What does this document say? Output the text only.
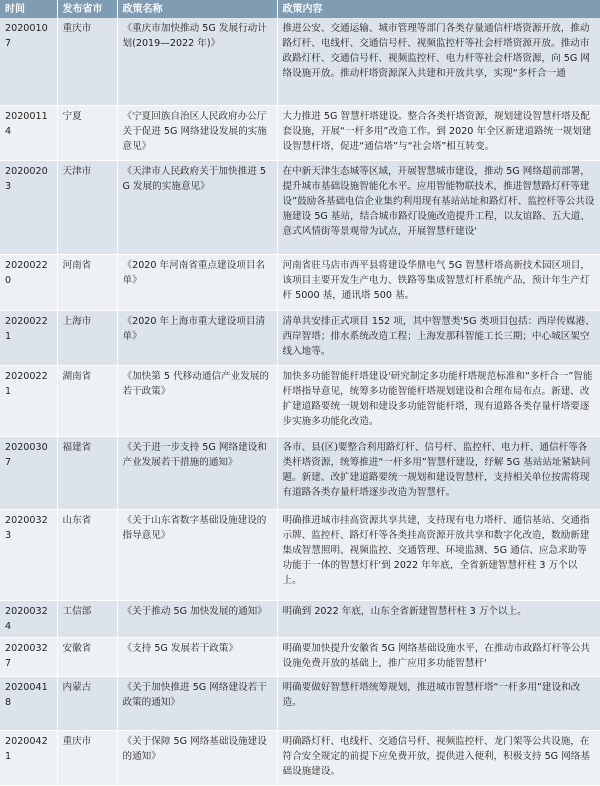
时间	发布省市	政策名称	政策内容
20200107	重庆市	《重庆市加快推动 5G 发展行动计划(2019—2022 年)》	推进公安、交通运输、城市管理等部门各类存量通信杆塔资源开放，推动路灯杆、电线杆、交通信号杆、视频监控杆等社会杆塔资源开放。推动市政路灯杆、交通信号杆、视频监控杆、电力杆等社会杆塔资源，向 5G 网络设施开放。推动杆塔资源深入共建和开放共享，实现“多杆合一通
20200114	宁夏	《宁夏回族自治区人民政府办公厅关于促进 5G 网络建设发展的实施意见》	大力推进 5G 智慧杆塔建设。整合各类杆塔资源，规划建设智慧杆塔及配套设施，开展“一杆多用”改造工作。到 2020 年全区新建道路统一规划建设智慧杆塔，促进“通信塔”与“社会塔”相互转变。
20200203	天津市	《天津市人民政府关于加快推进 5G 发展的实施意见》	在中新天津生态城等区域，开展智慧城市建设，推动 5G 网络超前部署，提升城市基础设施智能化水平。应用智能物联技术，推进智慧路灯杆等建设”鼓励各基础电信企业集约利用现有基站站址和路灯杆、监控杆等公共设施建设 5G 基站，结合城市路灯设施改造提升工程，以友谊路、五大道、意式风情街等景观带为试点，开展智慧杆建设'
20200220	河南省	《2020 年河南省重点建设项目名单》	河南省驻马店市西平县将建设华鼎电气 5G 智慧杆塔高新技术园区项目，该项目主要开发生产电力、铁路等集成智慧灯杆系统产品，预计年生产灯杆 5000 基，通讯塔 500 基。
20200221	上海市	《2020 年上海市重大建设项目清单》	清单共安排正式项目 152 项，其中智慧类'5G 类项目包括：西岸传媒港、西岸智塔；排水系统改造工程；上海发那科智能工长三期；中心城区架空线入地等。
20200221	湖南省	《加快第 5 代移动通信产业发展的若干政策》	加快多功能智能杆塔建设'研究制定多功能杆塔规范标准和“多杆合一”智能杆塔指导意见，统筹多功能智能杆塔规划建设和合理布局布点。新建、改扩建道路要统一规划和建设多功能智能杆塔，现有道路各类存量杆塔要逐步实施多功能化改造。
20200307	福建省	《关于进一步支持 5G 网络建设和产业发展若干措施的通知》	各市、县(区)要整合利用路灯杆、信号杆、监控杆、电力杆、通信杆等各类杆塔资源，统筹推进“一杆多用”智慧杆建设，纾解 5G 基站站址紧缺问题。新建、改扩建道路要统一规划和建设智慧杆，支持相关单位按需将现有道路各类存量杆塔逐步改造为智慧杆。
20200323	山东省	《关于山东省数字基础设施建设的指导意见》	明确推进城市挂高资源共享共建，支持现有电力塔杆、通信基站、交通指示牌、监控杆、路灯杆等各类挂高资源开放共享和数字化改造，数励新建集成智慧照明、视频监控、交通管理、环境监测、5G 通信、应急求助等功能于一体的智慧灯杆'到 2022 年年底，全省新建智慧杆柱 3 万个以上。
20200324	工信部	《关于推动 5G 加快发展的通知》	明确到 2022 年底，山东全省新建智慧杆柱 3 万个以上。
20200327	安徽省	《支持 5G 发展若干政策》	明确要加快提升安徽省 5G 网络基础设施水平，在推动市政路灯杆等公共设施免费开放的基础上，推广应用多功能智慧杆'
20200418	内蒙古	《关于加快推进 5G 网络建设若干政策的通知》	明确要做好智慧杆塔统筹规划，推进城市智慧杆塔“一杆多用”建设和改造。
20200421	重庆市	《关于保障 5G 网络基础设施建设的通知》	明确路灯杆、电线杆、交通信号杆、视频监控杆、龙门架等公共设施，在符合安全规定的前提下应免费开放，提供进入便利，积极支持 5G 网络基础设施建设。
